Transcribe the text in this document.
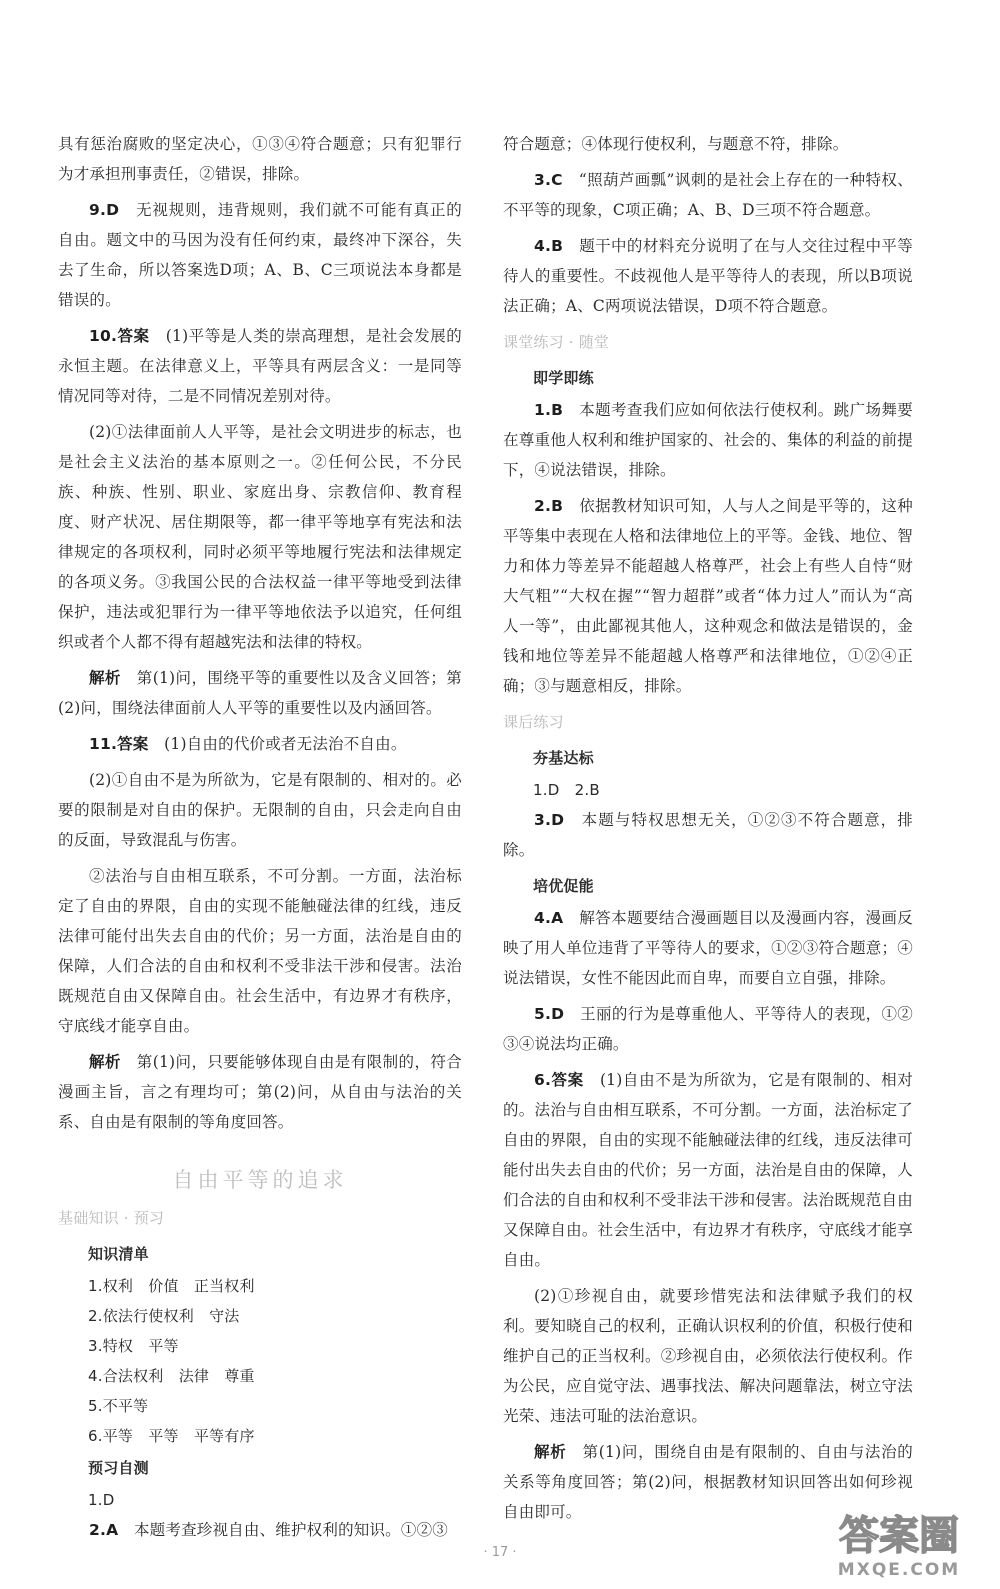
具有惩治腐败的坚定决心，①③④符合题意；只有犯罪行为才承担刑事责任，②错误，排除。

9.D　 无视规则，违背规则，我们就不可能有真正的自由。题文中的马因为没有任何约束，最终冲下深谷，失去了生命，所以答案选D项；A、B、C三项说法本身都是错误的。

10.答案　 (1)平等是人类的崇高理想，是社会发展的永恒主题。在法律意义上，平等具有两层含义：一是同等情况同等对待，二是不同情况差别对待。

(2)①法律面前人人平等，是社会文明进步的标志，也是社会主义法治的基本原则之一。②任何公民，不分民族、种族、性别、职业、家庭出身、宗教信仰、教育程度、财产状况、居住期限等，都一律平等地享有宪法和法律规定的各项权利，同时必须平等地履行宪法和法律规定的各项义务。③我国公民的合法权益一律平等地受到法律保护，违法或犯罪行为一律平等地依法予以追究，任何组织或者个人都不得有超越宪法和法律的特权。

解析　 第(1)问，围绕平等的重要性以及含义回答；第(2)问，围绕法律面前人人平等的重要性以及内涵回答。

11.答案　 (1)自由的代价或者无法治不自由。

(2)①自由不是为所欲为，它是有限制的、相对的。必要的限制是对自由的保护。无限制的自由，只会走向自由的反面，导致混乱与伤害。

②法治与自由相互联系，不可分割。一方面，法治标定了自由的界限，自由的实现不能触碰法律的红线，违反法律可能付出失去自由的代价；另一方面，法治是自由的保障，人们合法的自由和权利不受非法干涉和侵害。法治既规范自由又保障自由。社会生活中，有边界才有秩序，守底线才能享自由。

解析　 第(1)问，只要能够体现自由是有限制的，符合漫画主旨，言之有理均可；第(2)问，从自由与法治的关系、自由是有限制的等角度回答。

自由平等的追求
基础知识 · 预习
知识清单
1.权利　价值　正当权利
2.依法行使权利　守法
3.特权　平等
4.合法权利　法律　尊重
5.不平等
6.平等　平等　平等有序
预习自测
1.D

2.A　 本题考查珍视自由、维护权利的知识。①②③

符合题意；④体现行使权利，与题意不符，排除。

3.C　 “照葫芦画瓢”讽刺的是社会上存在的一种特权、不平等的现象，C项正确；A、B、D三项不符合题意。

4.B　 题干中的材料充分说明了在与人交往过程中平等待人的重要性。不歧视他人是平等待人的表现，所以B项说法正确；A、C两项说法错误，D项不符合题意。

课堂练习 · 随堂
即学即练

1.B　 本题考查我们应如何依法行使权利。跳广场舞要在尊重他人权利和维护国家的、社会的、集体的利益的前提下，④说法错误，排除。

2.B　 依据教材知识可知，人与人之间是平等的，这种平等集中表现在人格和法律地位上的平等。金钱、地位、智力和体力等差异不能超越人格尊严，社会上有些人自恃“财大气粗”“大权在握”“智力超群”或者“体力过人”而认为“高人一等”，由此鄙视其他人，这种观念和做法是错误的，金钱和地位等差异不能超越人格尊严和法律地位，①②④正确；③与题意相反，排除。

课后练习
夯基达标
1.D　2.B

3.D　 本题与特权思想无关，①②③不符合题意，排除。

培优促能

4.A　 解答本题要结合漫画题目以及漫画内容，漫画反映了用人单位违背了平等待人的要求，①②③符合题意；④说法错误，女性不能因此而自卑，而要自立自强，排除。

5.D　 王丽的行为是尊重他人、平等待人的表现，①②③④说法均正确。

6.答案　 (1)自由不是为所欲为，它是有限制的、相对的。法治与自由相互联系，不可分割。一方面，法治标定了自由的界限，自由的实现不能触碰法律的红线，违反法律可能付出失去自由的代价；另一方面，法治是自由的保障，人们合法的自由和权利不受非法干涉和侵害。法治既规范自由又保障自由。社会生活中，有边界才有秩序，守底线才能享自由。

(2)①珍视自由，就要珍惜宪法和法律赋予我们的权利。要知晓自己的权利，正确认识权利的价值，积极行使和维护自己的正当权利。②珍视自由，必须依法行使权利。作为公民，应自觉守法、遇事找法、解决问题靠法，树立守法光荣、违法可耻的法治意识。

解析　 第(1)问，围绕自由是有限制的、自由与法治的关系等角度回答；第(2)问，根据教材知识回答出如何珍视自由即可。

· 17 ·	答案圈
MXQE.COM
